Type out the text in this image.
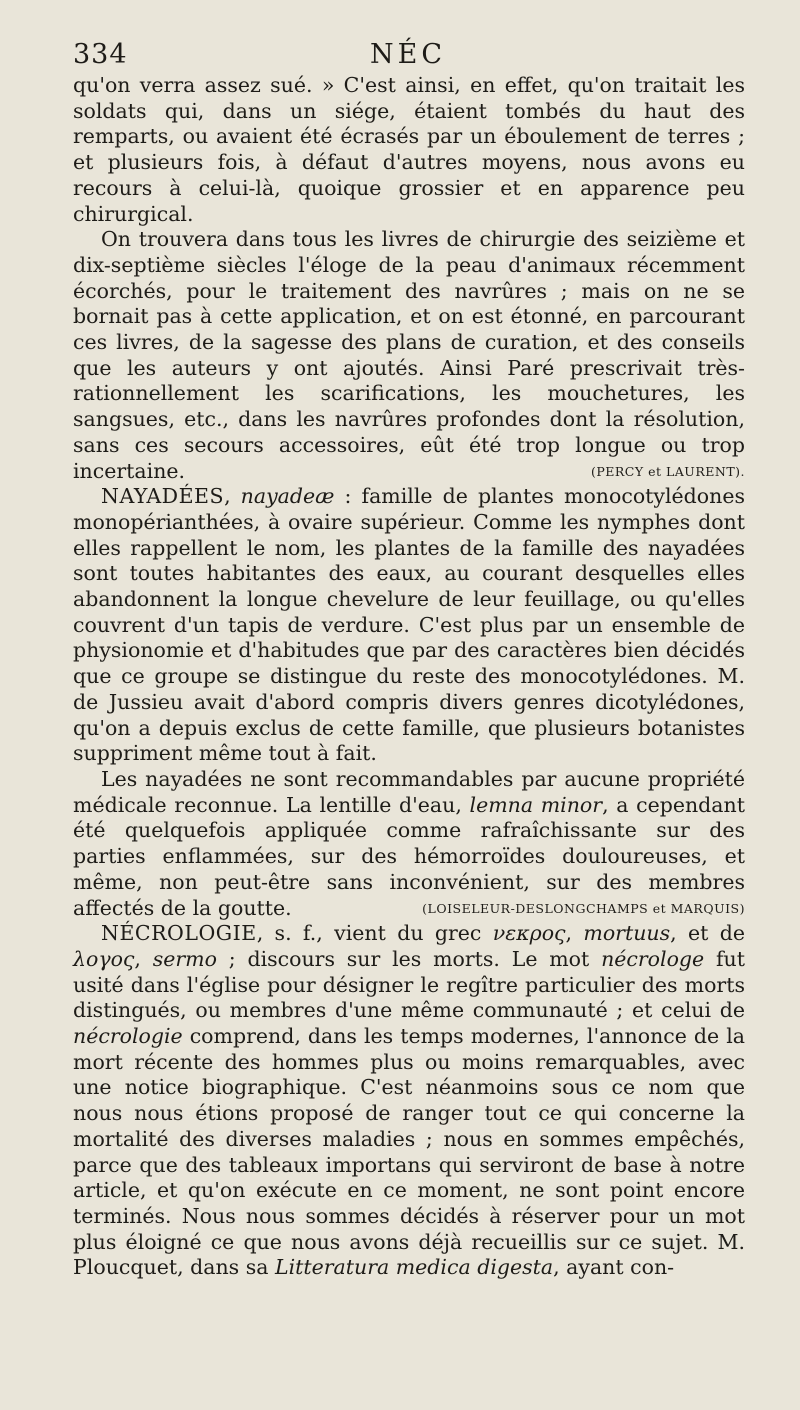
334	NÉC

qu'on verra assez sué. » C'est ainsi, en effet, qu'on traitait les soldats qui, dans un siége, étaient tombés du haut des remparts, ou avaient été écrasés par un éboulement de terres ; et plusieurs fois, à défaut d'autres moyens, nous avons eu recours à celui-là, quoique grossier et en apparence peu chirurgical.

On trouvera dans tous les livres de chirurgie des seizième et dix-septième siècles l'éloge de la peau d'animaux récemment écorchés, pour le traitement des navrûres ; mais on ne se bornait pas à cette application, et on est étonné, en parcourant ces livres, de la sagesse des plans de curation, et des conseils que les auteurs y ont ajoutés. Ainsi Paré prescrivait très-rationnellement les scarifications, les mouchetures, les sangsues, etc., dans les navrûres profondes dont la résolution, sans ces secours accessoires, eût été trop longue ou trop incertaine.	(PERCY et LAURENT).

NAYADÉES, nayadeæ : famille de plantes monocotylédones monopérianthées, à ovaire supérieur. Comme les nymphes dont elles rappellent le nom, les plantes de la famille des nayadées sont toutes habitantes des eaux, au courant desquelles elles abandonnent la longue chevelure de leur feuillage, ou qu'elles couvrent d'un tapis de verdure. C'est plus par un ensemble de physionomie et d'habitudes que par des caractères bien décidés que ce groupe se distingue du reste des monocotylédones. M. de Jussieu avait d'abord compris divers genres dicotylédones, qu'on a depuis exclus de cette famille, que plusieurs botanistes suppriment même tout à fait.

Les nayadées ne sont recommandables par aucune propriété médicale reconnue. La lentille d'eau, lemna minor, a cependant été quelquefois appliquée comme rafraîchissante sur des parties enflammées, sur des hémorroïdes douloureuses, et même, non peut-être sans inconvénient, sur des membres affectés de la goutte.	(LOISELEUR-DESLONGCHAMPS et MARQUIS)

NÉCROLOGIE, s. f., vient du grec νεκρος, mortuus, et de λογος, sermo ; discours sur les morts. Le mot nécrologe fut usité dans l'église pour désigner le regître particulier des morts distingués, ou membres d'une même communauté ; et celui de nécrologie comprend, dans les temps modernes, l'annonce de la mort récente des hommes plus ou moins remarquables, avec une notice biographique. C'est néanmoins sous ce nom que nous nous étions proposé de ranger tout ce qui concerne la mortalité des diverses maladies ; nous en sommes empêchés, parce que des tableaux importans qui serviront de base à notre article, et qu'on exécute en ce moment, ne sont point encore terminés. Nous nous sommes décidés à réserver pour un mot plus éloigné ce que nous avons déjà recueillis sur ce sujet. M. Ploucquet, dans sa Litteratura medica digesta, ayant con-
